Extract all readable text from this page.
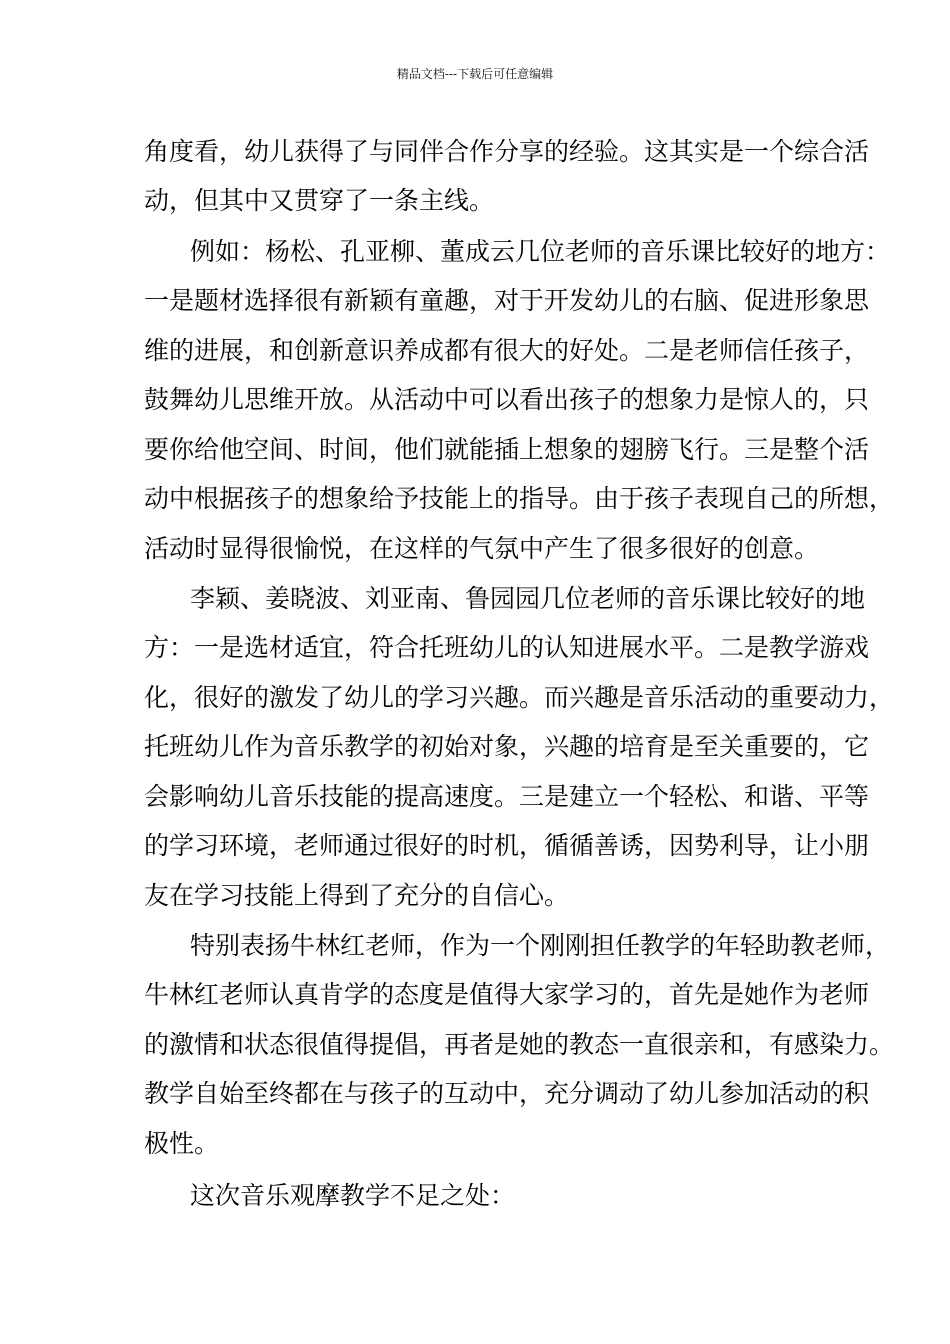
精品文档---下载后可任意编辑

角度看，幼儿获得了与同伴合作分享的经验。这其实是一个综合活

动，但其中又贯穿了一条主线。

例如：杨松、孔亚柳、董成云几位老师的音乐课比较好的地方：

一是题材选择很有新颖有童趣，对于开发幼儿的右脑、促进形象思

维的进展，和创新意识养成都有很大的好处。二是老师信任孩子，

鼓舞幼儿思维开放。从活动中可以看出孩子的想象力是惊人的，只

要你给他空间、时间，他们就能插上想象的翅膀飞行。三是整个活

动中根据孩子的想象给予技能上的指导。由于孩子表现自己的所想，

活动时显得很愉悦，在这样的气氛中产生了很多很好的创意。

李颖、姜晓波、刘亚南、鲁园园几位老师的音乐课比较好的地

方：一是选材适宜，符合托班幼儿的认知进展水平。二是教学游戏

化，很好的激发了幼儿的学习兴趣。而兴趣是音乐活动的重要动力，

托班幼儿作为音乐教学的初始对象，兴趣的培育是至关重要的，它

会影响幼儿音乐技能的提高速度。三是建立一个轻松、和谐、平等

的学习环境，老师通过很好的时机，循循善诱，因势利导，让小朋

友在学习技能上得到了充分的自信心。

特别表扬牛林红老师，作为一个刚刚担任教学的年轻助教老师，

牛林红老师认真肯学的态度是值得大家学习的，首先是她作为老师

的激情和状态很值得提倡，再者是她的教态一直很亲和，有感染力。

教学自始至终都在与孩子的互动中，充分调动了幼儿参加活动的积

极性。

这次音乐观摩教学不足之处：
